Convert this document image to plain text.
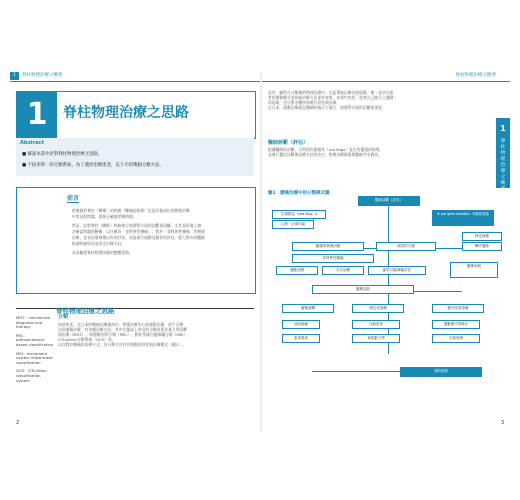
1	脊柱物理治療之概要
1	脊柱物理治療之思路
Abstract
■ 解說本書中針對脊柱物理治療之思路。
■ 不採用單一的分類系統，為了適切治療患者，以下介紹幾個分類方法。
前言
疼痛源於脊柱（腰椎）的疼痛（腰痛症候群）也是其他部位的物理治療
中常見的問題，需要正確地掌握病理。
然而，針對脊柱（腰椎）疼痛進行病理學方面的診斷很困難，尤其是影像上無
法確認問題的腰痛，以往稱為「非特異性腰痛」。對於「非特異性腰痛」的物理
治療，並非依靠病理以外的評估，而是進行運動及動作的評估，從力學負荷觀點
推測疼痛原因並決定治療方針。
本章解說脊柱物理治療的整體思路。
脊柱物理治療之思路
分類
MDT：mechanical diagnosis and therapy
PBC：pathoanatomic based classification
MSI：movement system impairment classification
OCS：O'Sullivan classification system
如前所述，在日本的腰痛診療指南中，物理治療中心的運動治療，從手法療
法到運動治療，有各種治療方法。其中在臨床上常見的分類有麥肯基力學診斷
與治療（MDT）、病理解剖學分類（PBC）、動作系統功能障礙分類（MSI）、
O'Sullivan分類系統（OCS）等。
以往對於腰痛的治療方式，各分類方法有其相應的評估與治療模式（圖1）。
2
脊柱物理治療之概要
1
脊柱物理治療之概要
此外，顯然在分類後的物理治療中，比起單純治療各症候群，進一步評估患
者的運動模式並採取治療方法更有效果。本書中包括「患者自己進行之運動」
的思路，也可對各種疾病進行評估與治療。
在日本，運動治療需在醫師的指示下進行，病理學方面的診斷很重要。
醫師診斷（評估）
根據醫師的診斷，可判別紅旗徵兆（red flags）是否有嚴重的病理，
並進行鑑別診斷與治療方針的決定，物理治療師需與醫師共享資訊。
圖1　腰痛治療中的分類模式圖
醫師診斷（評估）
紅旗徵兆（red flag）s
心理・社會因素
※ peripheralization 中樞化現象
特定病理
轉介醫師
腰痛的物理治療	病因的分類
非特異性腰痛
運動治療	手法治療	動作功能障礙評估
腰椎伸展
腰椎屈曲
腰椎旋轉	穩定化訓練	動作改善訓練
症狀緩解	功能改善	運動模式的修正
患者教育	神經動力學	自我管理
預防復發
3
